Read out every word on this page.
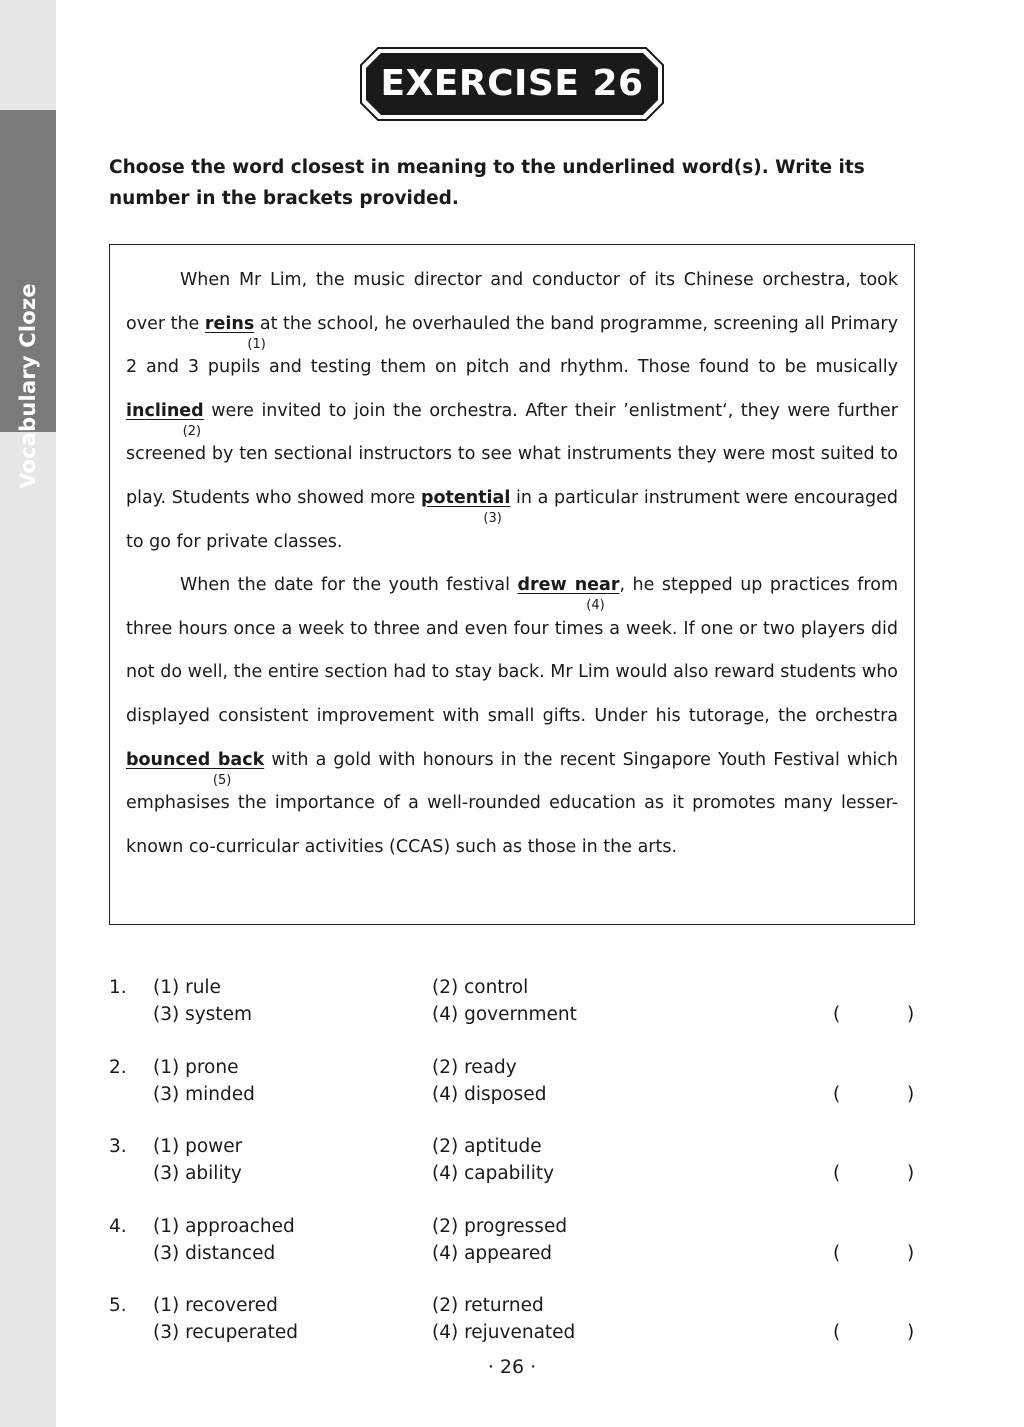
Vocabulary Cloze
EXERCISE 26
Choose the word closest in meaning to the underlined word(s). Write its number in the brackets provided.

When Mr Lim, the music director and conductor of its Chinese orchestra, took over the reins
(1)
at the school, he overhauled the band programme, screening all Primary 2 and 3 pupils and testing them on pitch and rhythm. Those found to be musically inclined
(2)
were invited to join the orchestra. After their ’enlistment‘, they were further screened by ten sectional instructors to see what instruments they were most suited to play. Students who showed more potential
(3)
in a particular instrument were encouraged to go for private classes.

When the date for the youth festival drew near
(4)
, he stepped up practices from three hours once a week to three and even four times a week. If one or two players did not do well, the entire section had to stay back. Mr Lim would also reward students who displayed consistent improvement with small gifts. Under his tutorage, the orchestra bounced back
(5)
with a gold with honours in the recent Singapore Youth Festival which emphasises the importance of a well-rounded education as it promotes many lesser-known co-curricular activities (CCAS) such as those in the arts.

1. (1) rule	(2) control
(3) system	(4) government	(	)
2. (1) prone	(2) ready
(3) minded	(4) disposed	(	)
3. (1) power	(2) aptitude
(3) ability	(4) capability	(	)
4. (1) approached	(2) progressed
(3) distanced	(4) appeared	(	)
5. (1) recovered	(2) returned
(3) recuperated	(4) rejuvenated	(	)
· 26 ·
